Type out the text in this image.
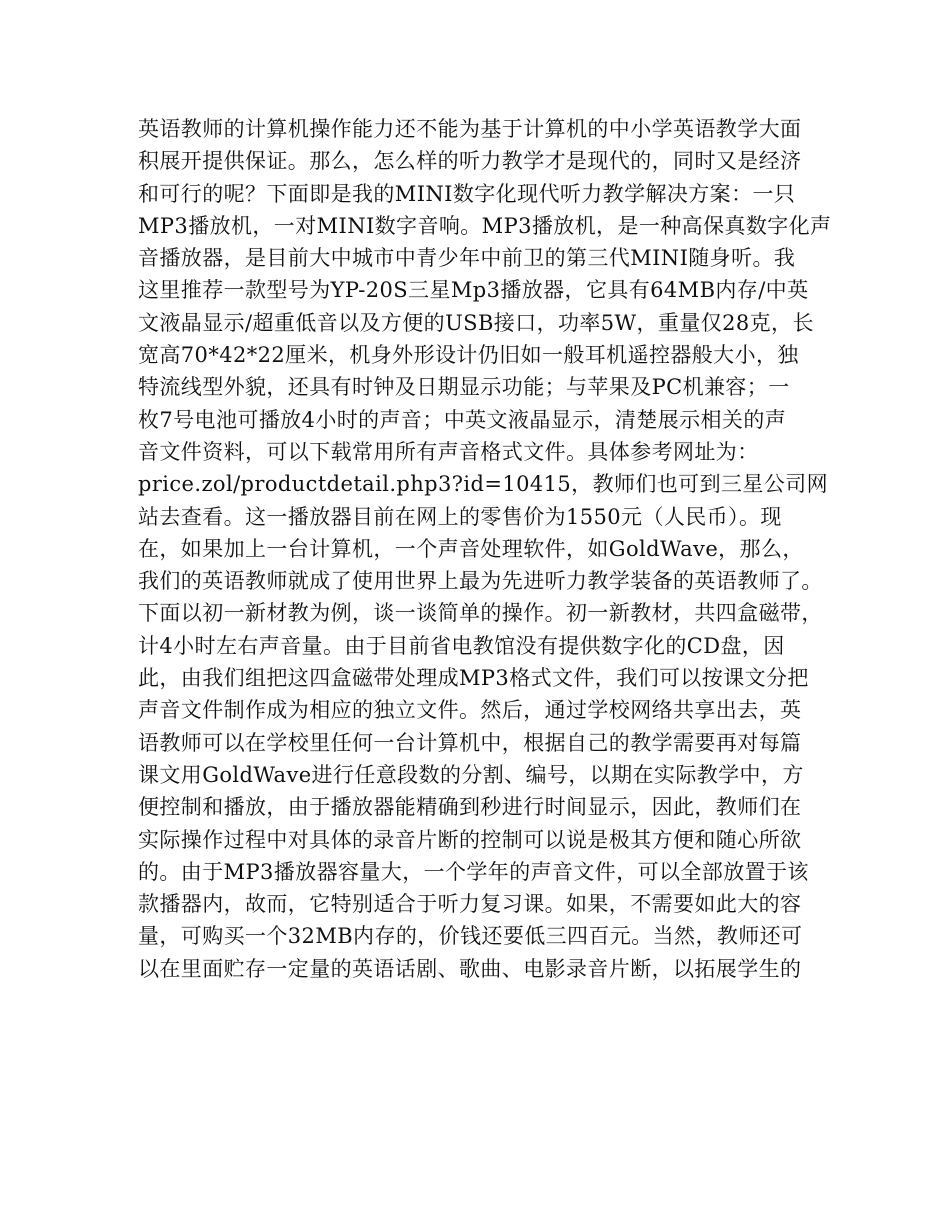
英语教师的计算机操作能力还不能为基于计算机的中小学英语教学大面
积展开提供保证。那么，怎么样的听力教学才是现代的，同时又是经济
和可行的呢？下面即是我的MINI数字化现代听力教学解决方案：一只
MP3播放机，一对MINI数字音响。MP3播放机，是一种高保真数字化声
音播放器，是目前大中城市中青少年中前卫的第三代MINI随身听。我
这里推荐一款型号为YP-20S三星Mp3播放器，它具有64MB内存/中英
文液晶显示/超重低音以及方便的USB接口，功率5W，重量仅28克，长
宽高70*42*22厘米，机身外形设计仍旧如一般耳机遥控器般大小，独
特流线型外貌，还具有时钟及日期显示功能；与苹果及PC机兼容；一
枚7号电池可播放4小时的声音；中英文液晶显示，清楚展示相关的声
音文件资料，可以下载常用所有声音格式文件。具体参考网址为：
price.zol/productdetail.php3?id=10415，教师们也可到三星公司网
站去查看。这一播放器目前在网上的零售价为1550元（人民币）。现
在，如果加上一台计算机，一个声音处理软件，如GoldWave，那么，
我们的英语教师就成了使用世界上最为先进听力教学装备的英语教师了。
下面以初一新材教为例，谈一谈简单的操作。初一新教材，共四盒磁带，
计4小时左右声音量。由于目前省电教馆没有提供数字化的CD盘，因
此，由我们组把这四盒磁带处理成MP3格式文件，我们可以按课文分把
声音文件制作成为相应的独立文件。然后，通过学校网络共享出去，英
语教师可以在学校里任何一台计算机中，根据自己的教学需要再对每篇
课文用GoldWave进行任意段数的分割、编号，以期在实际教学中，方
便控制和播放，由于播放器能精确到秒进行时间显示，因此，教师们在
实际操作过程中对具体的录音片断的控制可以说是极其方便和随心所欲
的。由于MP3播放器容量大，一个学年的声音文件，可以全部放置于该
款播器内，故而，它特别适合于听力复习课。如果，不需要如此大的容
量，可购买一个32MB内存的，价钱还要低三四百元。当然，教师还可
以在里面贮存一定量的英语话剧、歌曲、电影录音片断，以拓展学生的
